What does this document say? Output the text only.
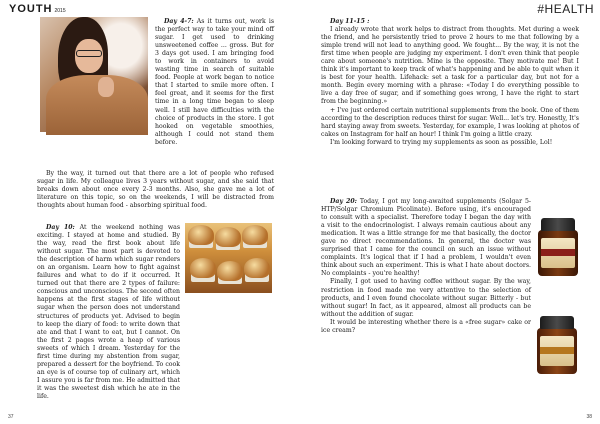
YOUTH 2015

Day 4-7: As it turns out, work is the perfect way to take your mind off sugar. I get used to drinking unsweetened coffee ... gross. But for 3 days got used. I am bringing food to work in containers to avoid wasting time in search of suitable food. People at work began to notice that I started to smile more often. I feel great, and it seems for the first time in a long time began to sleep well. I still have difficulties with the choice of products in the store. I got hooked on vegetable smoothies, although I could not stand them before.

By the way, it turned out that there are a lot of people who refused sugar in life. My colleague lives 3 years without sugar, and she said that breaks down about once every 2-3 months. Also, she gave me a lot of literature on this topic, so on the weekends, I will be distracted from thoughts about human food - absorbing spiritual food.

Day 10: At the weekend nothing was exciting. I stayed at home and studied. By the way, read the first book about life without sugar. The most part is devoted to the description of harm which sugar renders on an organism. Learn how to fight against failures and what to do if it occurred. It turned out that there are 2 types of failure: conscious and unconscious. The second often happens at the first stages of life without sugar when the person does not understand structures of products yet. Advised to begin to keep the diary of food: to write down that ate and that I want to eat, but I cannot. On the first 2 pages wrote a heap of various sweets of which I dream. Yesterday for the first time during my abstention from sugar, prepared a dessert for the boyfriend. To cook an eye is of course top of culinary art, which I assure you is far from me. He admitted that it was the sweetest dish which he ate in the life.

37
#HEALTH

Day 11-15 :

I already wrote that work helps to distract from thoughts. Met during a week the friend, and he persistently tried to prove 2 hours to me that following by a simple trend will not lead to anything good. We fought... By the way, it is not the first time when people are judging my experiment. I don't even think that people care about someone's nutrition. Mine is the opposite. They motivate me! But I think it's important to keep track of what's happening and be able to quit when it is best for your health. Lifehack: set a task for a particular day, but not for a month. Begin every morning with a phrase: «Today I do everything possible to live a day free of sugar, and if something goes wrong, I have the right to start from the beginning.»

+ I've just ordered certain nutritional supplements from the book. One of them according to the description reduces thirst for sugar. Well... let's try. Honestly, It's hard staying away from sweets. Yesterday, for example, I was looking at photos of cakes on Instagram for half an hour! I think I'm going a little crazy.

I'm looking forward to trying my supplements as soon as possible, Lol!

Day 20: Today, I got my long-awaited supplements (Solgar 5-HTP/Solgar Chromium Picolinate). Before using, it's encouraged to consult with a specialist. Therefore today I began the day with a visit to the endocrinologist. I always remain cautious about any medication. It was a little strange for me that basically, the doctor gave no direct recommendations. In general, the doctor was surprised that I came for the council on such an issue without complaints. It's logical that if I had a problem, I wouldn't even think about such an experiment. This is what I hate about doctors. No complaints - you're healthy!

Finally, I got used to having coffee without sugar. By the way, restriction in food made me very attentive to the selection of products, and I even found chocolate without sugar. Bitterly - but without sugar! In fact, as it appeared, almost all products can be without the addition of sugar.

It would be interesting whether there is a «free sugar» cake or ice cream?

38
